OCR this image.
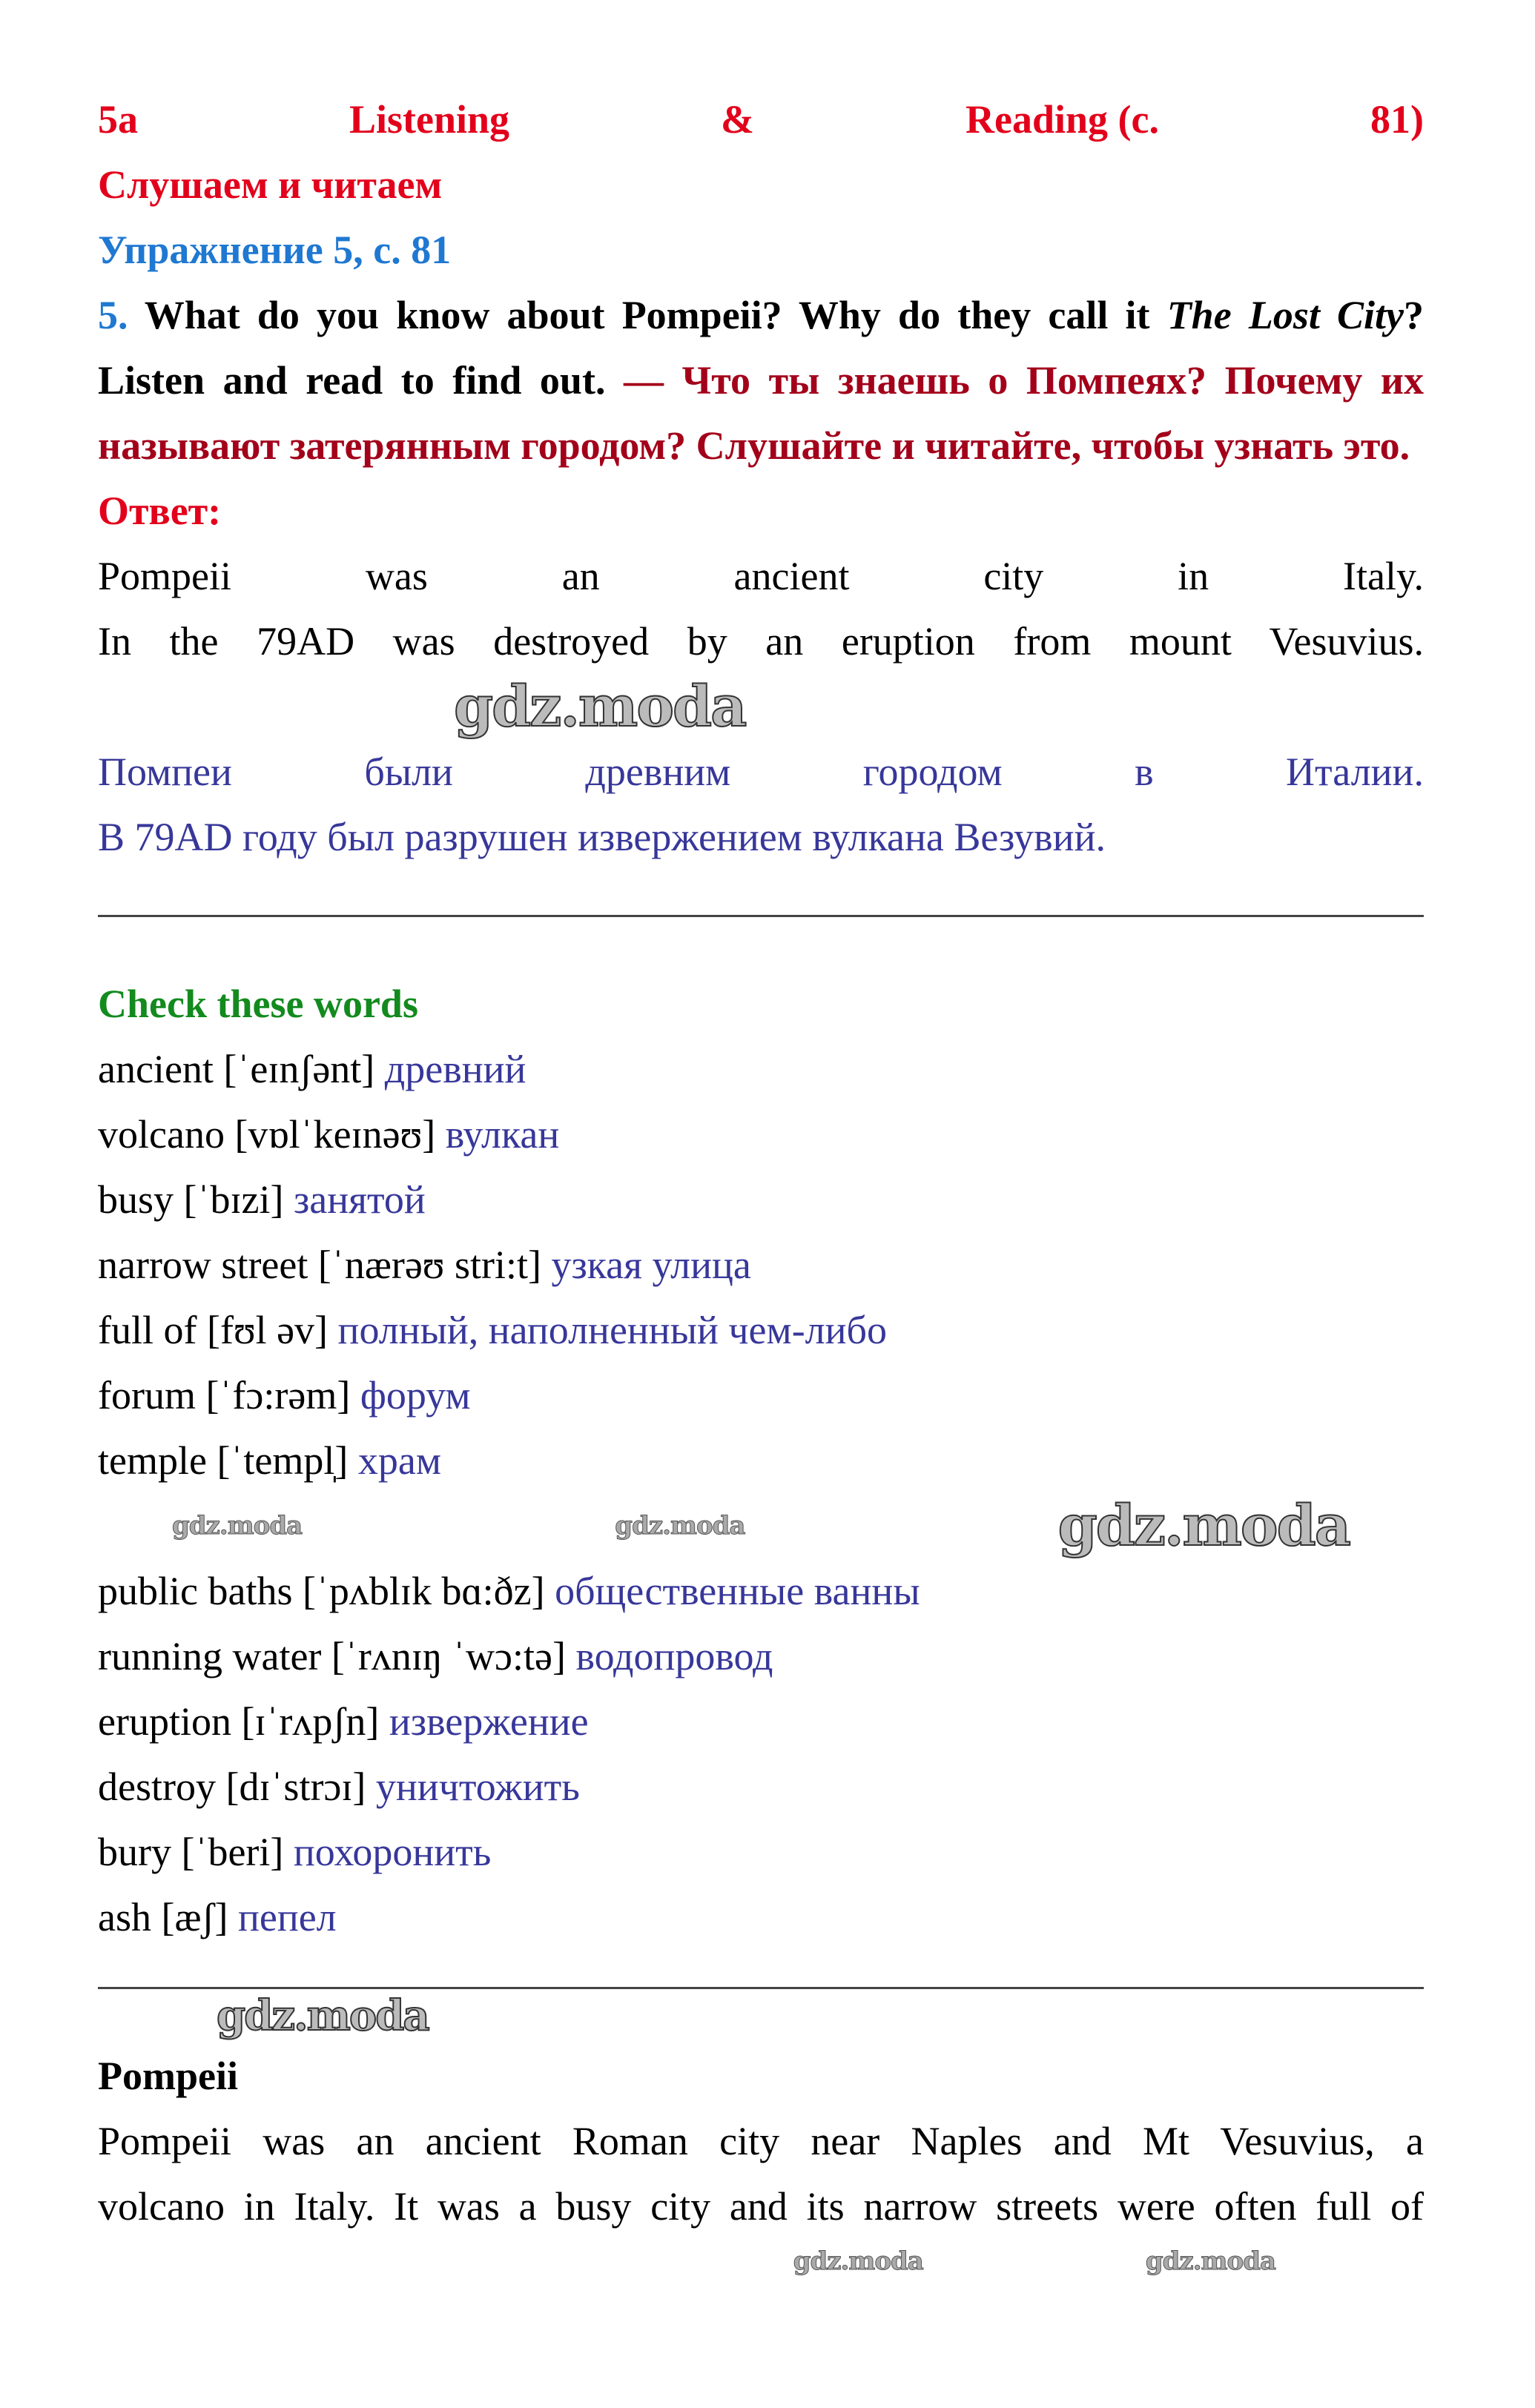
5a	Listening	&	Reading (c.	81)
Слушаем и читаем
Упражнение 5, с. 81
5. What do you know about Pompeii? Why do they call it The Lost City? Listen and read to find out. — Что ты знаешь о Помпеях? Почему их называют затерянным городом? Слушайте и читайте, чтобы узнать это.
Ответ:
Pompeii	was	an	ancient	city	in	Italy.
In the 79AD was destroyed by an eruption from mount Vesuvius.
gdz.moda
Помпеи	были	древним	городом	в	Италии.
В 79AD году был разрушен извержением вулкана Везувий.
Check these words
ancient [ˈeɪnʃənt] древний
volcano [vɒlˈkeɪnəʊ] вулкан
busy [ˈbɪzi] занятой
narrow street [ˈnærəʊ stri:t] узкая улица
full of [fʊl əv] полный, наполненный чем-либо
forum [ˈfɔ:rəm] форум
temple [ˈtempl̩] храм
gdz.moda	gdz.moda	gdz.moda
public baths [ˈpʌblɪk bɑ:ðz] общественные ванны
running water [ˈrʌnɪŋ ˈwɔ:tə] водопровод
eruption [ɪˈrʌpʃn] извержение
destroy [dɪˈstrɔɪ] уничтожить
bury [ˈberi] похоронить
ash [æʃ] пепел
gdz.moda
Pompeii
Pompeii was an ancient Roman city near Naples and Mt Vesuvius, a
volcano in Italy. It was a busy city and its narrow streets were often full of
gdz.moda	gdz.moda
